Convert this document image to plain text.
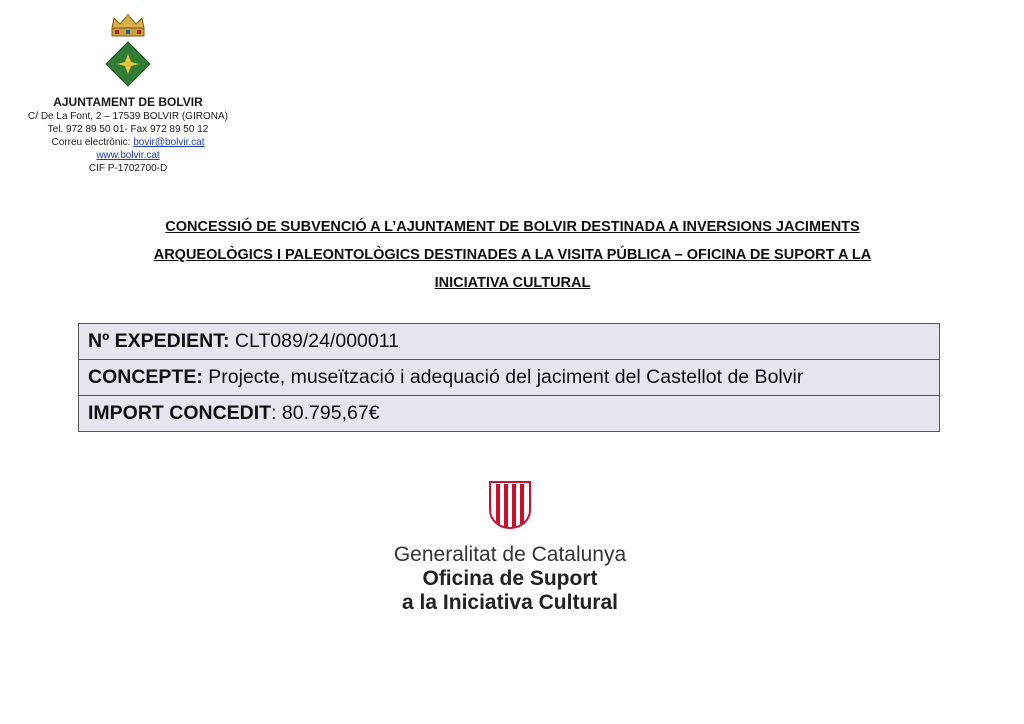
AJUNTAMENT DE BOLVIR
C/ De La Font, 2 – 17539 BOLVIR (GIRONA)
Tel. 972 89 50 01- Fax 972 89 50 12
Correu electrònic: bovir@bolvir.cat
www.bolvir.cat
CIF P-1702700-D
CONCESSIÓ DE SUBVENCIÓ A L’AJUNTAMENT DE BOLVIR DESTINADA A INVERSIONS JACIMENTS
ARQUEOLÒGICS I PALEONTOLÒGICS DESTINADES A LA VISITA PÚBLICA – OFICINA DE SUPORT A LA
INICIATIVA CULTURAL
Nº EXPEDIENT: CLT089/24/000011
CONCEPTE: Projecte, museïtzació i adequació del jaciment del Castellot de Bolvir
IMPORT CONCEDIT: 80.795,67€
Generalitat de Catalunya
Oficina de Suport
a la Iniciativa Cultural
